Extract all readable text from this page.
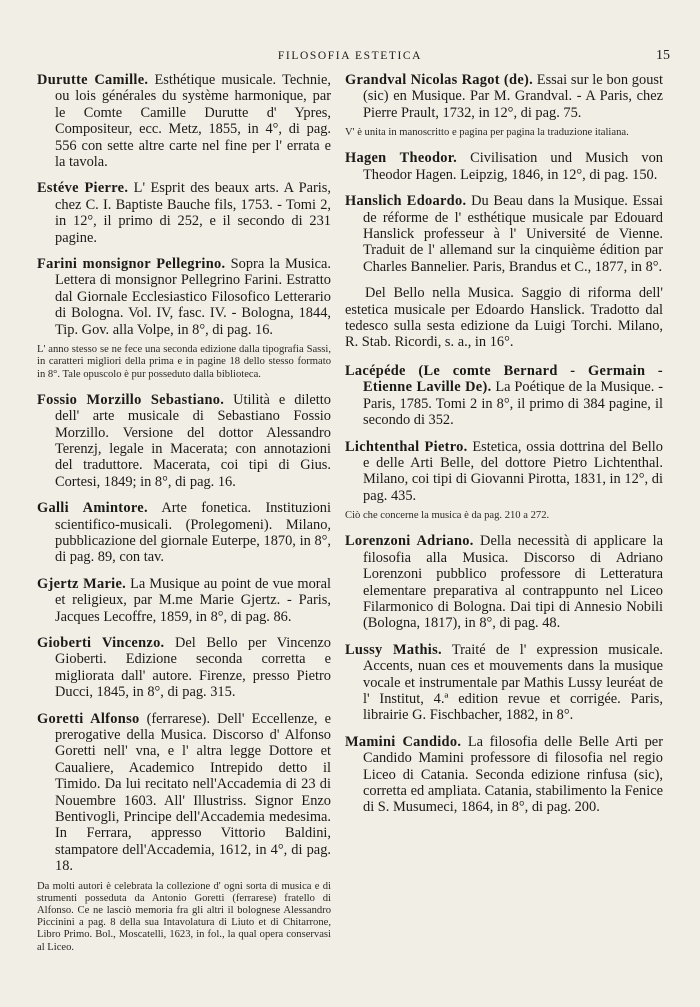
FILOSOFIA ESTETICA	15

Durutte Camille. Esthétique musicale. Technie, ou lois générales du système harmonique, par le Comte Camille Durutte d' Ypres, Compositeur, ecc. Metz, 1855, in 4°, di pag. 556 con sette altre carte nel fine per l' errata e la tavola.

Estéve Pierre. L' Esprit des beaux arts. A Paris, chez C. I. Baptiste Bauche fils, 1753. - Tomi 2, in 12°, il primo di 252, e il secondo di 231 pagine.

Farini monsignor Pellegrino. Sopra la Musica. Lettera di monsignor Pellegrino Farini. Estratto dal Giornale Ecclesiastico Filosofico Letterario di Bologna. Vol. IV, fasc. IV. - Bologna, 1844, Tip. Gov. alla Volpe, in 8°, di pag. 16.

L' anno stesso se ne fece una seconda edizione dalla tipografia Sassi, in caratteri migliori della prima e in pagine 18 dello stesso formato in 8°. Tale opuscolo è pur posseduto dalla biblioteca.

Fossio Morzillo Sebastiano. Utilità e diletto dell' arte musicale di Sebastiano Fossio Morzillo. Versione del dottor Alessandro Terenzj, legale in Macerata; con annotazioni del traduttore. Macerata, coi tipi di Gius. Cortesi, 1849; in 8°, di pag. 16.

Galli Amintore. Arte fonetica. Instituzioni scientifico-musicali. (Prolegomeni). Milano, pubblicazione del giornale Euterpe, 1870, in 8°, di pag. 89, con tav.

Gjertz Marie. La Musique au point de vue moral et religieux, par M.me Marie Gjertz. - Paris, Jacques Lecoffre, 1859, in 8°, di pag. 86.

Gioberti Vincenzo. Del Bello per Vincenzo Gioberti. Edizione seconda corretta e migliorata dall' autore. Firenze, presso Pietro Ducci, 1845, in 8°, di pag. 315.

Goretti Alfonso (ferrarese). Dell' Eccellenze, e prerogative della Musica. Discorso d' Alfonso Goretti nell' vna, e l' altra legge Dottore et Caualiere, Academico Intrepido detto il Timido. Da lui recitato nell'Accademia di 23 di Nouembre 1603. All' Illustriss. Signor Enzo Bentivogli, Principe dell'Accademia medesima. In Ferrara, appresso Vittorio Baldini, stampatore dell'Accademia, 1612, in 4°, di pag. 18.

Da molti autori è celebrata la collezione d' ogni sorta di musica e di strumenti posseduta da Antonio Goretti (ferrarese) fratello di Alfonso. Ce ne lasciò memoria fra gli altri il bolognese Alessandro Piccinini a pag. 8 della sua Intavolatura di Liuto et di Chitarrone, Libro Primo. Bol., Moscatelli, 1623, in fol., la qual opera conservasi al Liceo.

Grandval Nicolas Ragot (de). Essai sur le bon goust (sic) en Musique. Par M. Grandval. - A Paris, chez Pierre Prault, 1732, in 12°, di pag. 75.

V' è unita in manoscritto e pagina per pagina la traduzione italiana.

Hagen Theodor. Civilisation und Musich von Theodor Hagen. Leipzig, 1846, in 12°, di pag. 150.

Hanslich Edoardo. Du Beau dans la Musique. Essai de réforme de l' esthétique musicale par Edouard Hanslick professeur à l' Université de Vienne. Traduit de l' allemand sur la cinquième édition par Charles Bannelier. Paris, Brandus et C., 1877, in 8°.

Del Bello nella Musica. Saggio di riforma dell' estetica musicale per Edoardo Hanslick. Tradotto dal tedesco sulla sesta edizione da Luigi Torchi. Milano, R. Stab. Ricordi, s. a., in 16°.

Lacépéde (Le comte Bernard - Germain - Etienne Laville De). La Poétique de la Musique. - Paris, 1785. Tomi 2 in 8°, il primo di 384 pagine, il secondo di 352.

Lichtenthal Pietro. Estetica, ossia dottrina del Bello e delle Arti Belle, del dottore Pietro Lichtenthal. Milano, coi tipi di Giovanni Pirotta, 1831, in 12°, di pag. 435.

Ciò che concerne la musica è da pag. 210 a 272.

Lorenzoni Adriano. Della necessità di applicare la filosofia alla Musica. Discorso di Adriano Lorenzoni pubblico professore di Letteratura elementare preparativa al contrappunto nel Liceo Filarmonico di Bologna. Dai tipi di Annesio Nobili (Bologna, 1817), in 8°, di pag. 48.

Lussy Mathis. Traité de l' expression musicale. Accents, nuan ces et mouvements dans la musique vocale et instrumentale par Mathis Lussy leuréat de l' Institut, 4.ª edition revue et corrigée. Paris, librairie G. Fischbacher, 1882, in 8°.

Mamini Candido. La filosofia delle Belle Arti per Candido Mamini professore di filosofia nel regio Liceo di Catania. Seconda edizione rinfusa (sic), corretta ed ampliata. Catania, stabilimento la Fenice di S. Musumeci, 1864, in 8°, di pag. 200.
